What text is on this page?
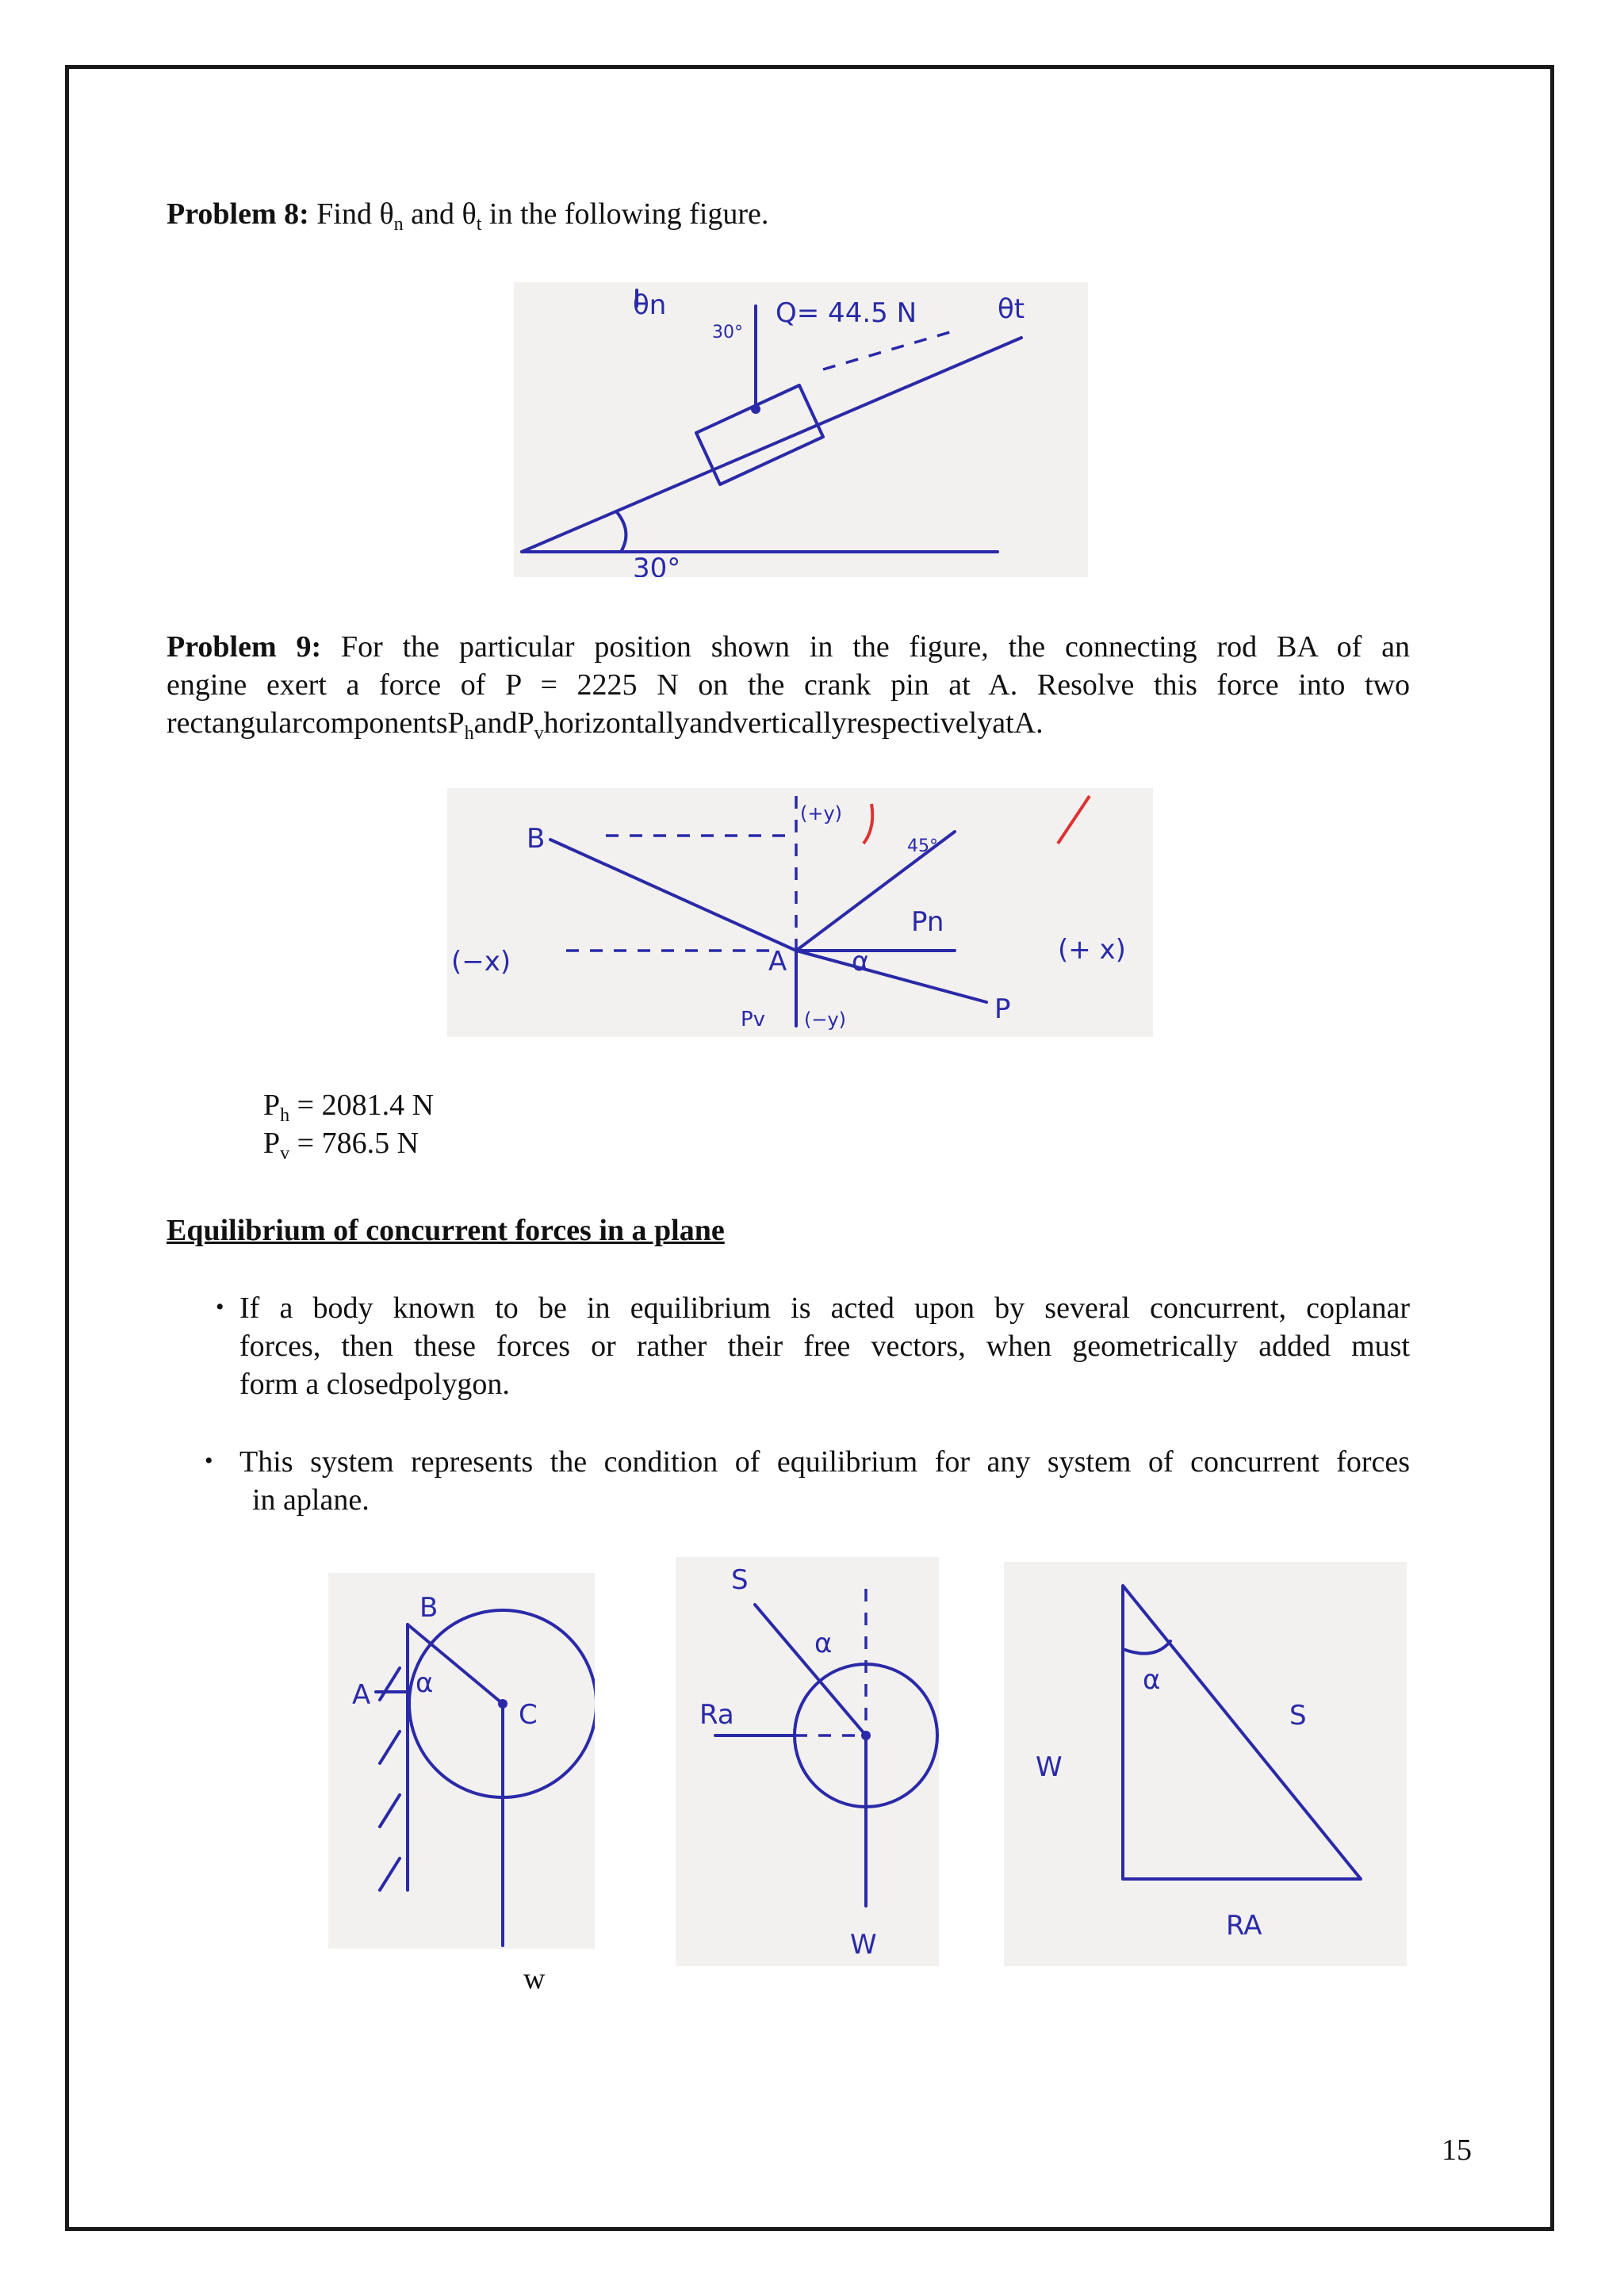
Problem 8: Find $\theta_n$ and $\theta_t$ in the following figure.
30°
θn
30°
Q= 44.5 N	θt
Problem 9: For the particular position shown in the figure, the connecting rod BA of an
engine exert a force of P = 2225 N on the crank pin at A. Resolve this force into two
rectangularcomponentsP$_h$andP$_v$horizontallyandverticallyrespectivelyatA.
B
(+y)
45°
Pn
(−x)	A α	(+ x)
Pv (−y)	P
$P_h = 2081.4$ N
$P_v = 786.5$ N
Equilibrium of concurrent forces in a plane
• If a body known to be in equilibrium is acted upon by several concurrent, coplanar
forces, then these forces or rather their free vectors, when geometrically added must
form a closedpolygon.
• This system represents the condition of equilibrium for any system of concurrent forces
in aplane.
B
α
A
C
w
S
α
Ra
W
α
S
W
RA
15
